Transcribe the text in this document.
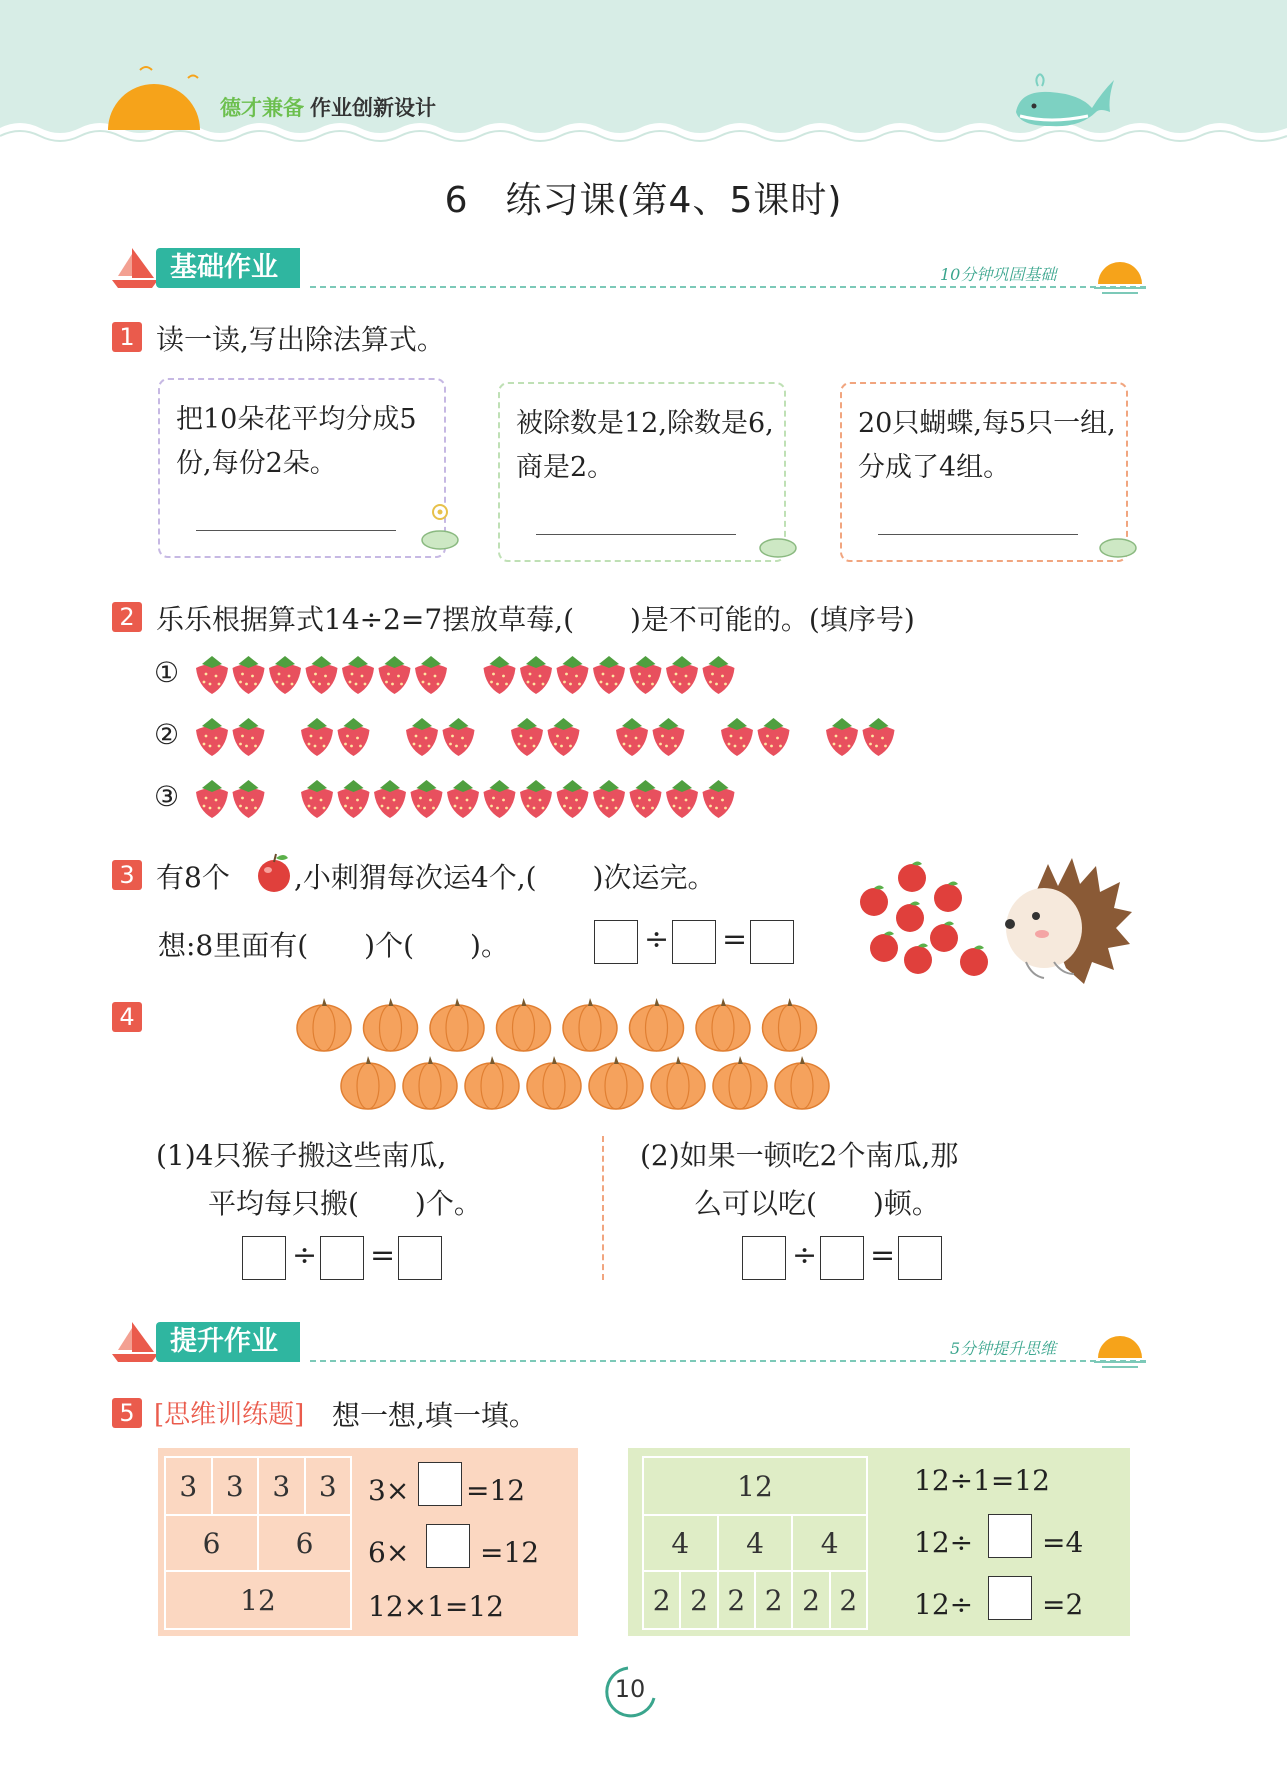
德才兼备 作业创新设计
6　练习课(第4、5课时)
基础作业	10分钟巩固基础
1 读一读,写出除法算式。
把10朵花平均分成5份,每份2朵。
被除数是12,除数是6,商是2。
20只蝴蝶,每5只一组,分成了4组。
2 乐乐根据算式14÷2=7摆放草莓,(　　)是不可能的。(填序号)
①
②
③
3 有8个 ,小刺猬每次运4个,(　　)次运完。
想:8里面有(　　)个(　　)。	÷ =
4
(1)4只猴子搬这些南瓜,
平均每只搬(　　)个。
÷ =
(2)如果一顿吃2个南瓜,那
么可以吃(　　)顿。
÷ =
提升作业	5分钟提升思维
5 [思维训练题] 想一想,填一填。
3	3	3	3
6		6	
12			
3× =12
6×	=12
12×1=12
12					
4		4		4	
2	2	2	2	2	2
12÷1=12
12÷ =4
12÷ =2
10
